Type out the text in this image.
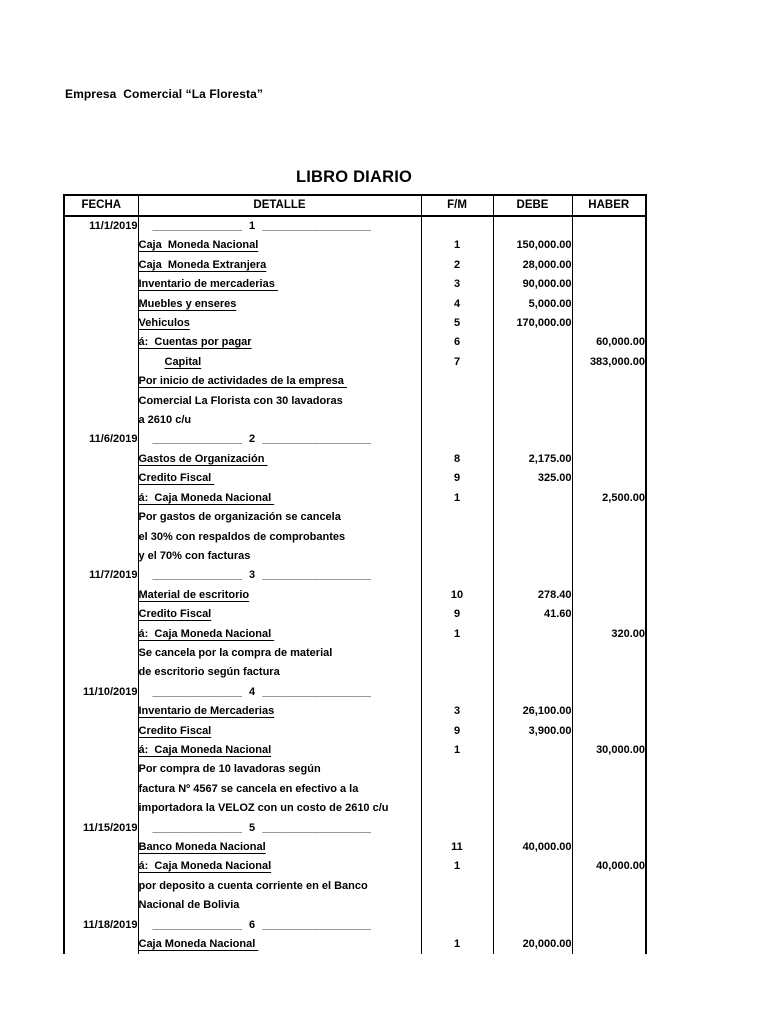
Empresa  Comercial “La Floresta”
LIBRO DIARIO
FECHA	DETALLE	F/M	DEBE	HABER
11/1/2019	______________  1  _________________			
	Caja  Moneda Nacional	1	150,000.00	
	Caja  Moneda Extranjera	2	28,000.00	
	Inventario de mercaderias	3	90,000.00	
	Muebles y enseres	4	5,000.00	
	Vehiculos	5	170,000.00	
	á:  Cuentas por pagar	6		60,000.00
	Capital	7		383,000.00
	Por inicio de actividades de la empresa			
	Comercial La Florista con 30 lavadoras			
	a 2610 c/u			
11/6/2019	______________  2  _________________			
	Gastos de Organización	8	2,175.00	
	Credito Fiscal	9	325.00	
	á:  Caja Moneda Nacional	1		2,500.00
	Por gastos de organización se cancela			
	el 30% con respaldos de comprobantes			
	y el 70% con facturas			
11/7/2019	______________  3  _________________			
	Material de escritorio	10	278.40	
	Credito Fiscal	9	41.60	
	á:  Caja Moneda Nacional	1		320.00
	Se cancela por la compra de material			
	de escritorio según factura			
11/10/2019	______________  4  _________________			
	Inventario de Mercaderias	3	26,100.00	
	Credito Fiscal	9	3,900.00	
	á:  Caja Moneda Nacional	1		30,000.00
	Por compra de 10 lavadoras según			
	factura Nº 4567 se cancela en efectivo a la			
	importadora la VELOZ con un costo de 2610 c/u			
11/15/2019	______________  5  _________________			
	Banco Moneda Nacional	11	40,000.00	
	á:  Caja Moneda Nacional	1		40,000.00
	por deposito a cuenta corriente en el Banco			
	Nacional de Bolivia			
11/18/2019	______________  6  _________________			
	Caja Moneda Nacional	1	20,000.00	
